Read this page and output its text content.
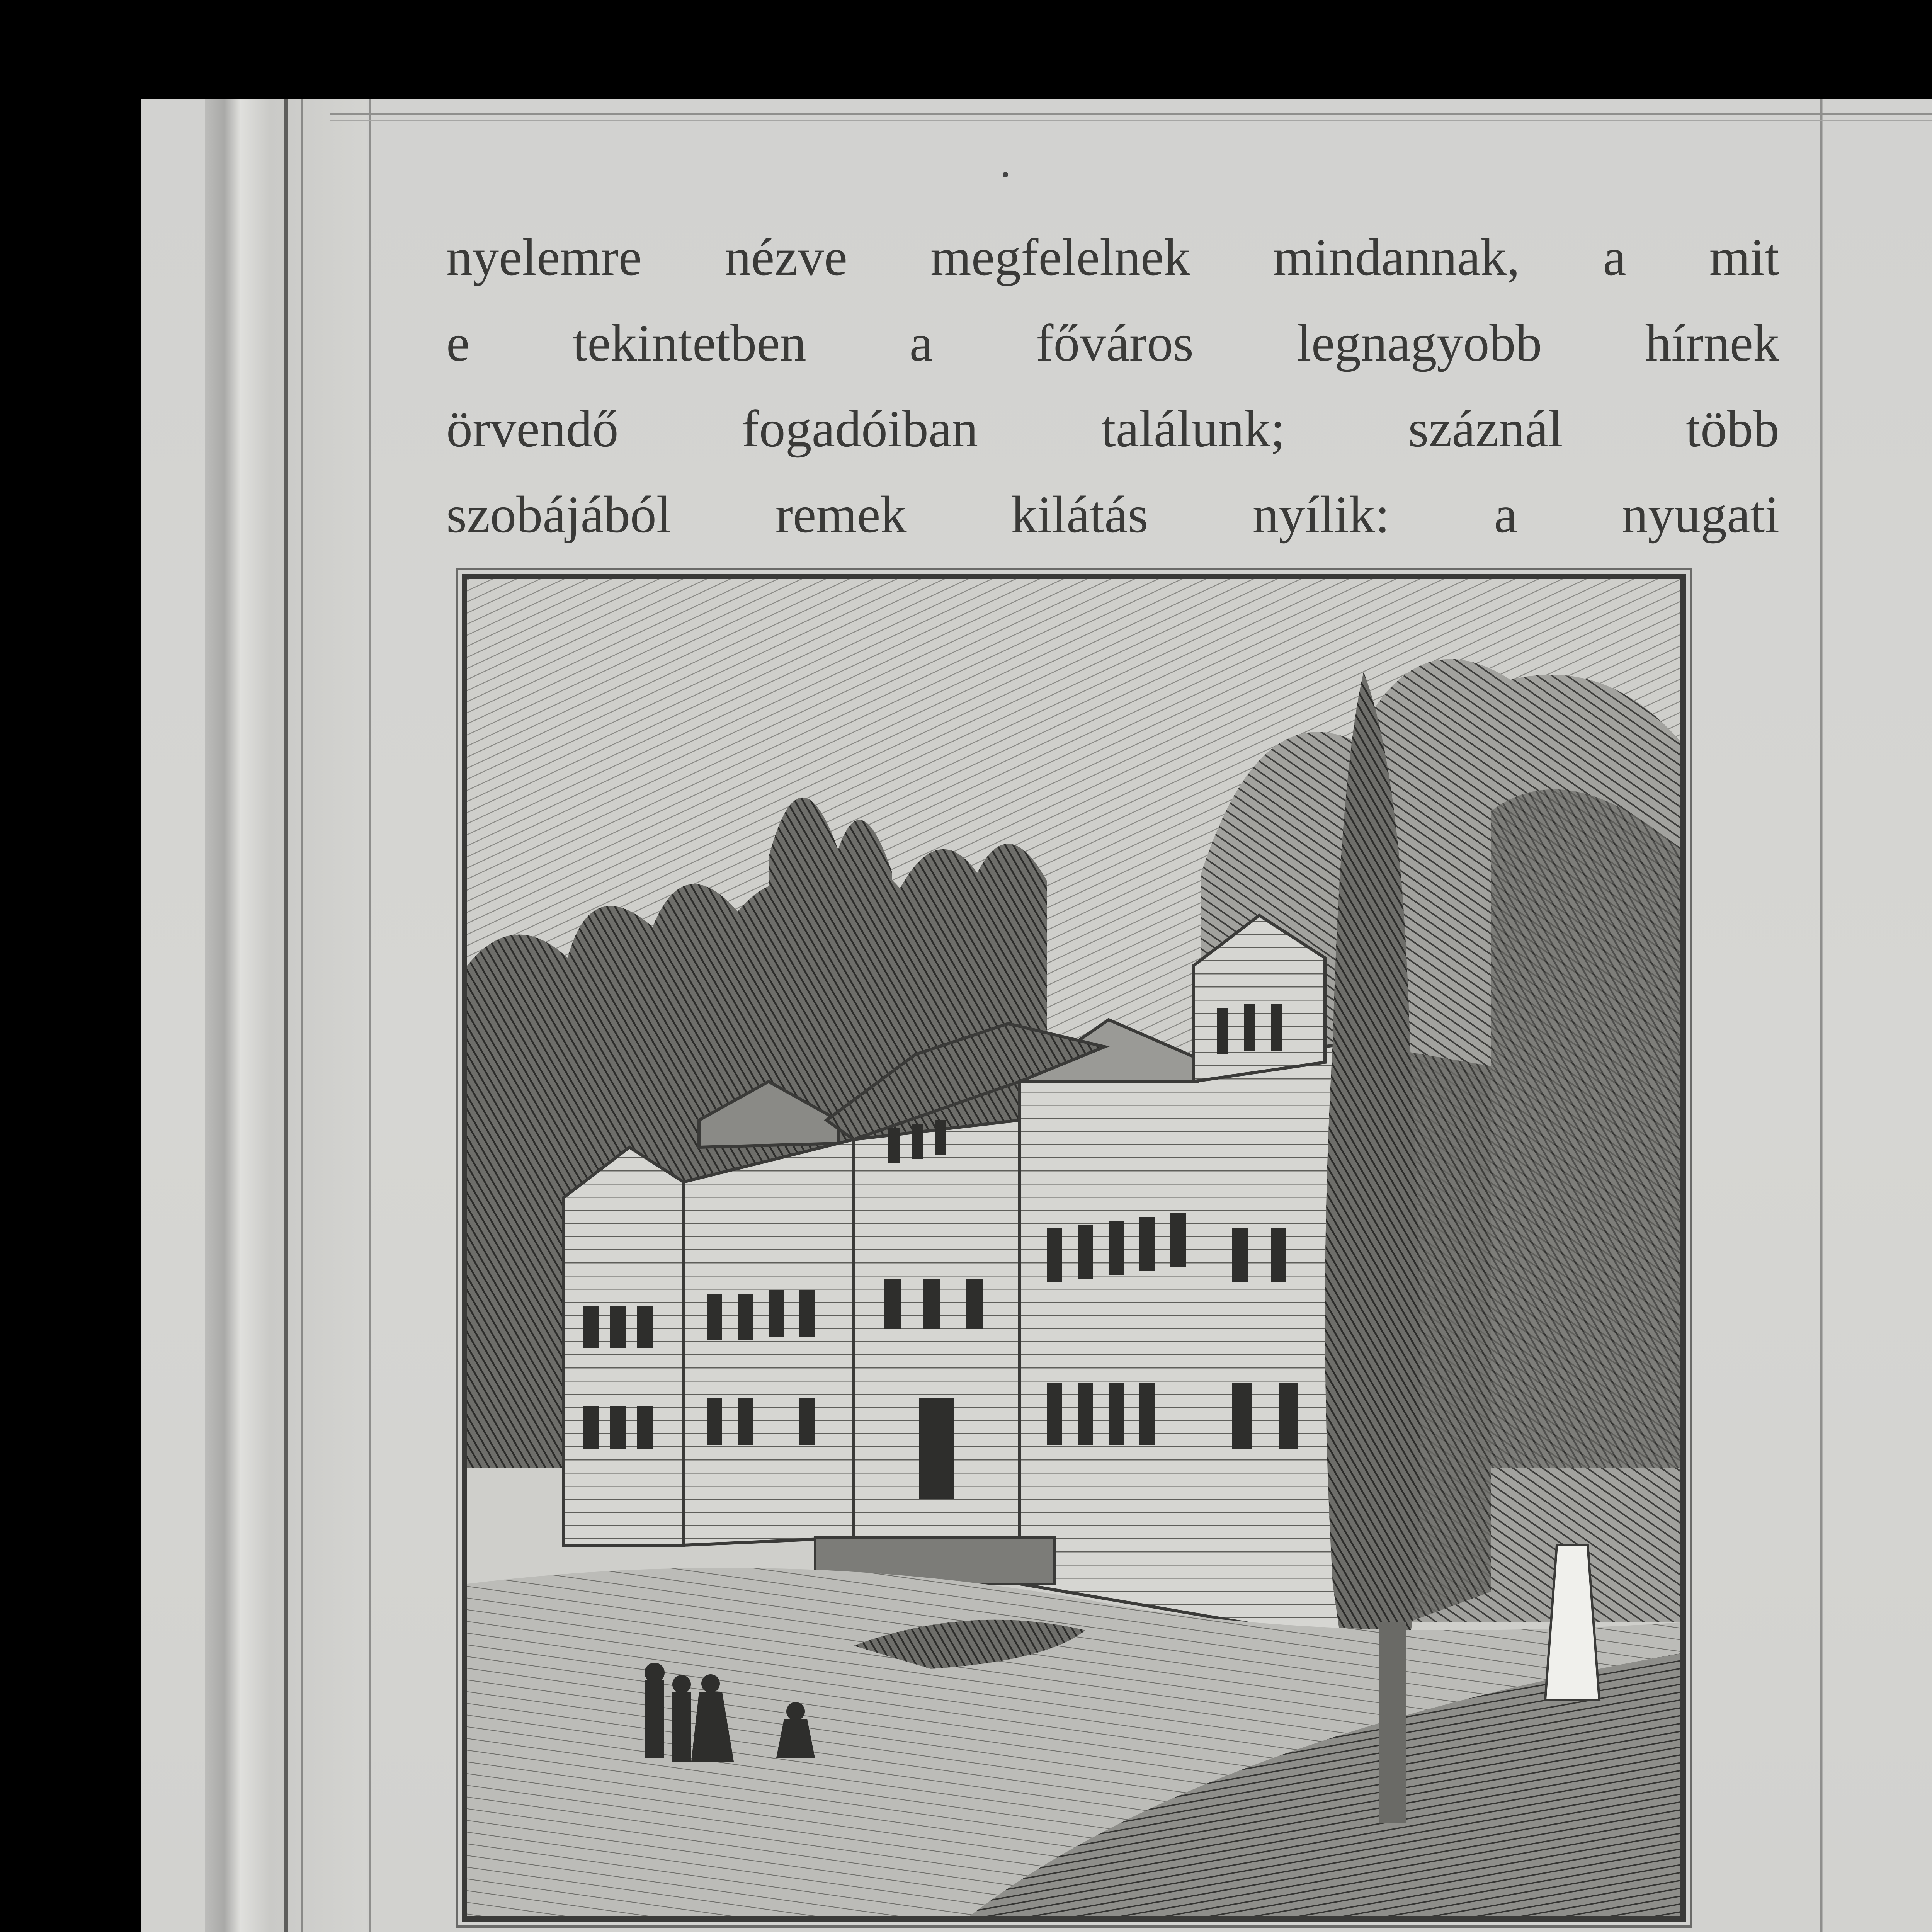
nyelemre nézve megfelelnek mindannak, a mit
e tekintetben a főváros legnagyobb hírnek
örvendő fogadóiban találunk; száznál több
szobájából remek kilátás nyílik: a nyugati
